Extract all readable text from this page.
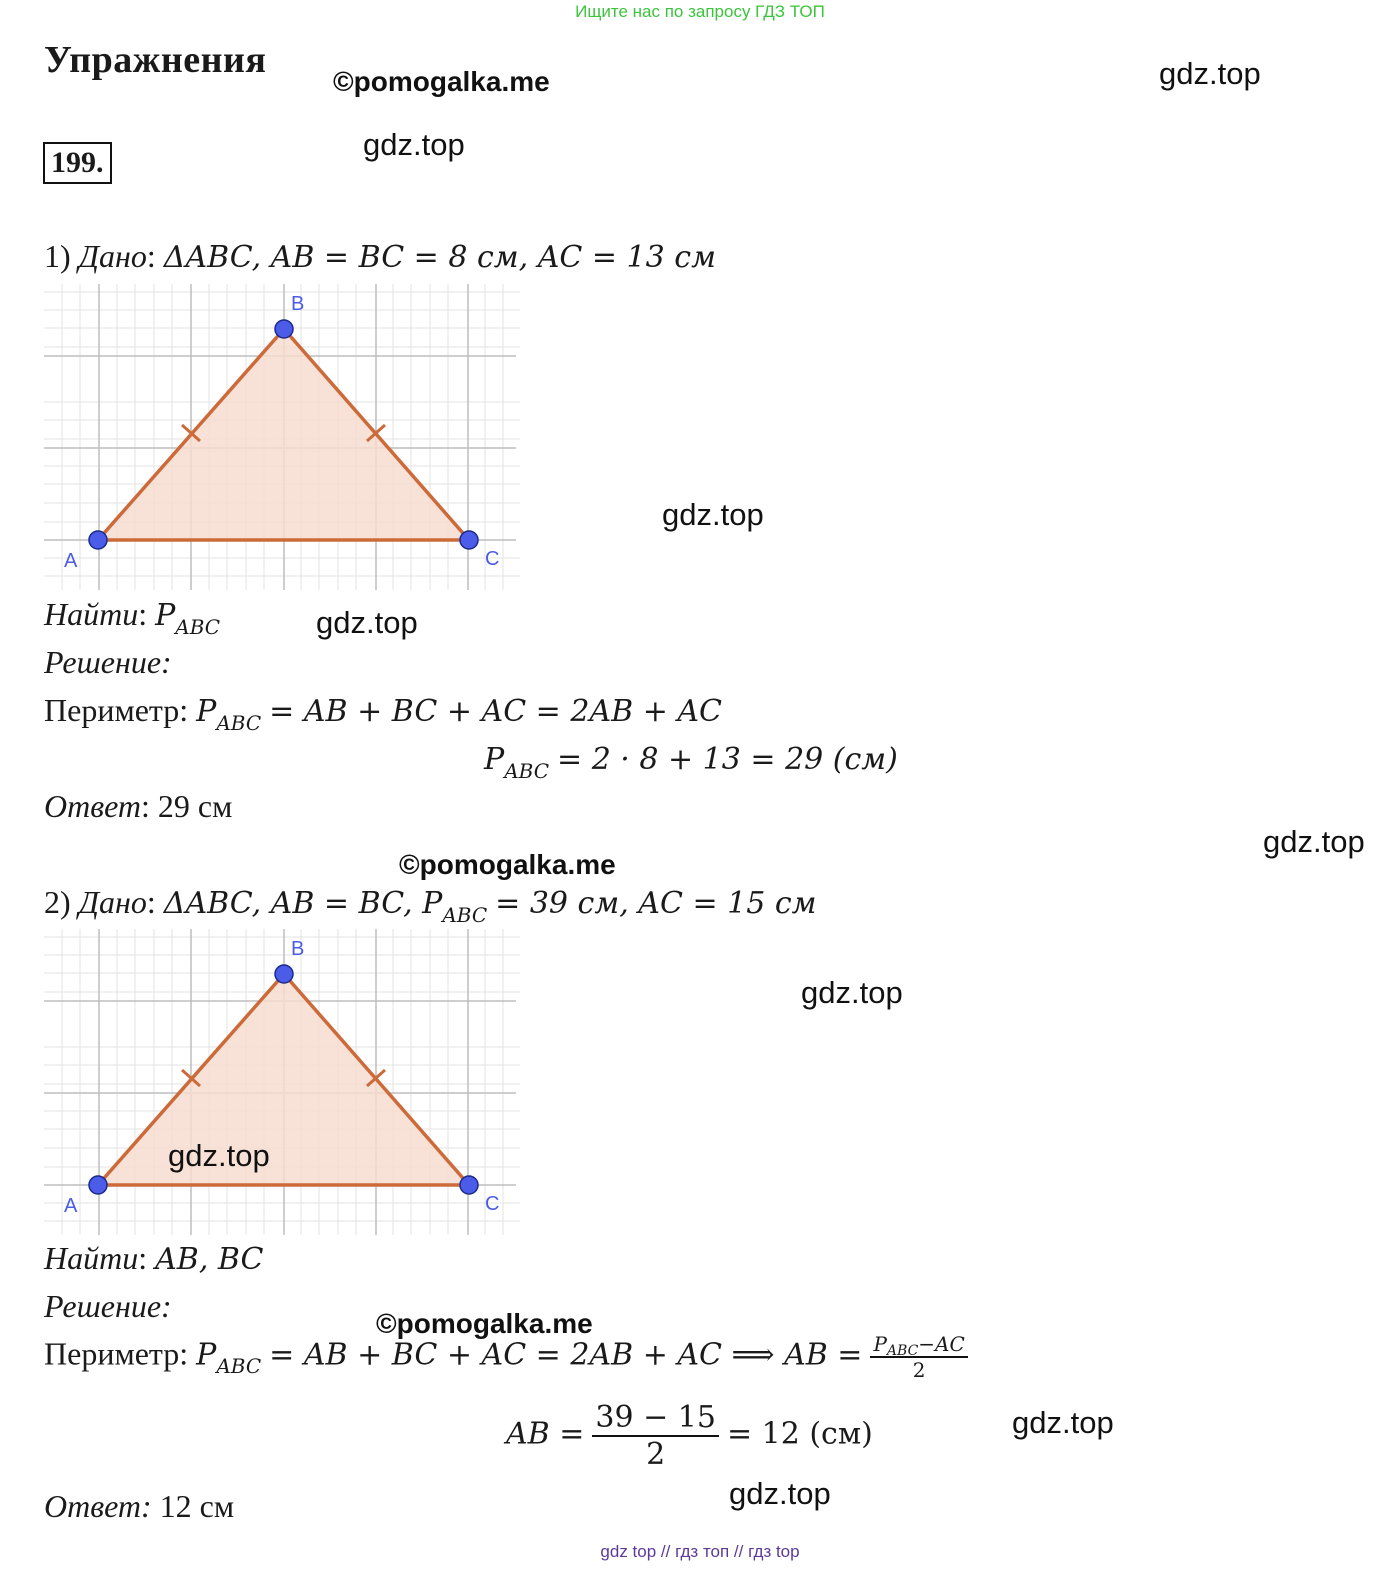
Ищите нас по запросу ГДЗ ТОП
Упражнения
©pomogalka.me	gdz.top
gdz.top
gdz.top
gdz.top
gdz.top
©pomogalka.me
gdz.top
©pomogalka.me
gdz.top
gdz.top
199.
1) Дано: ΔABC, AB = BC = 8 см, AC = 13 см
A
B
C
Найти: $P_{ABC}$
Решение:
Периметр: $P_{ABC}$ = AB + BC + AC = 2AB + AC
$P_{ABC} = 2 \cdot 8 + 13 = 29$ (см)
Ответ: 29 см
2) Дано: ΔABC, AB = BC, $P_{ABC} = 39$ см, AC = 15 см
A
B
C
gdz.top
Найти: AB, BC
Решение:
Периметр: $P_{ABC}$ = AB + BC + AC = 2AB + AC ⟹ AB = $\frac{P_{ABC}-AC}{2}$
AB = $\frac{39 - 15}{2} = 12$ (см)
Ответ: 12 см
gdz top // гдз топ // гдз top
